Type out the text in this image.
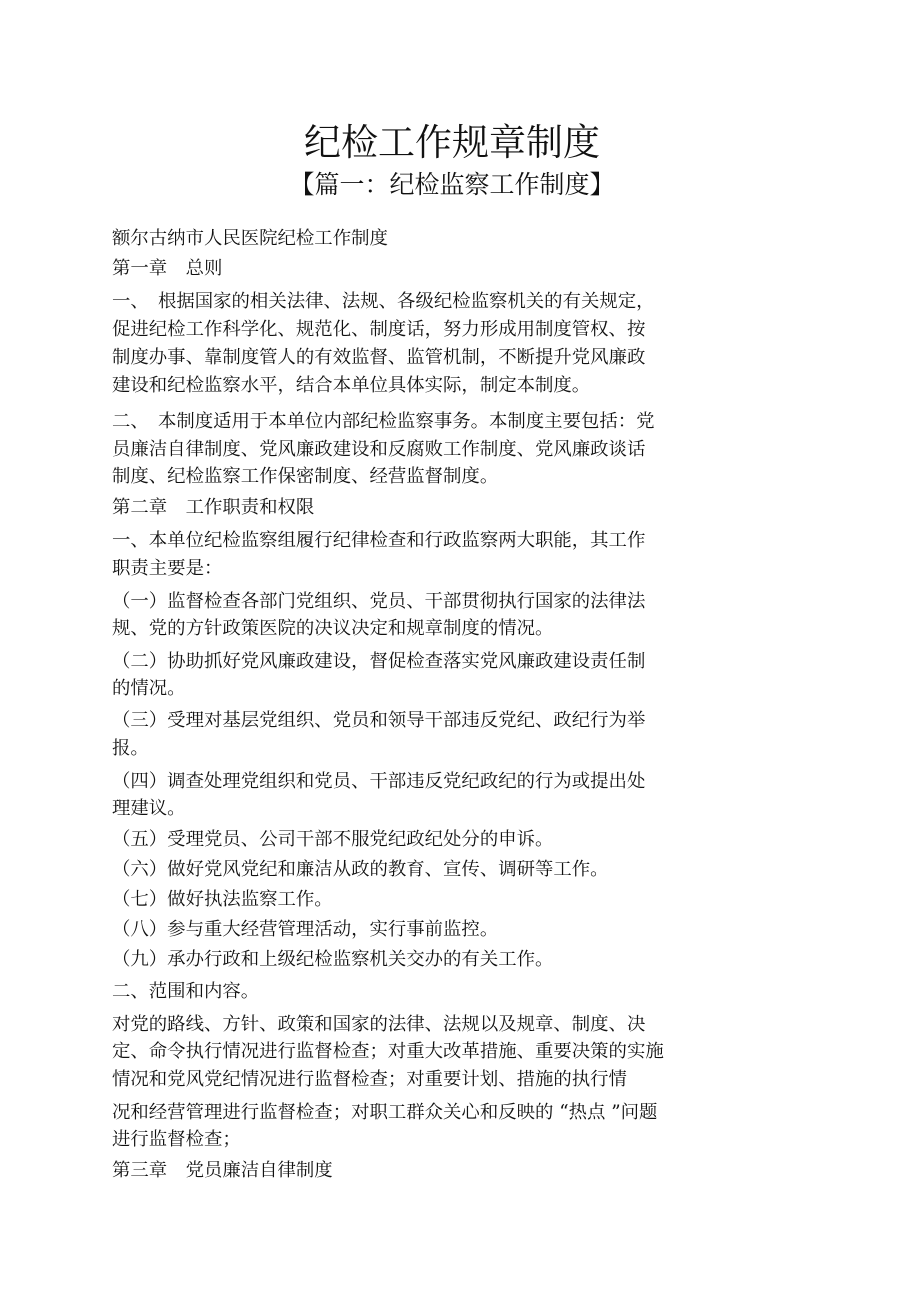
纪检工作规章制度
【篇一：纪检监察工作制度】
额尔古纳市人民医院纪检工作制度
第一章　总则
一、　根据国家的相关法律、法规、各级纪检监察机关的有关规定，
促进纪检工作科学化、规范化、制度话，努力形成用制度管权、按
制度办事、靠制度管人的有效监督、监管机制，不断提升党风廉政
建设和纪检监察水平，结合本单位具体实际，制定本制度。
二、　本制度适用于本单位内部纪检监察事务。本制度主要包括：党
员廉洁自律制度、党风廉政建设和反腐败工作制度、党风廉政谈话
制度、纪检监察工作保密制度、经营监督制度。
第二章　工作职责和权限
一、本单位纪检监察组履行纪律检查和行政监察两大职能，其工作
职责主要是：
（一）监督检查各部门党组织、党员、干部贯彻执行国家的法律法
规、党的方针政策医院的决议决定和规章制度的情况。
（二）协助抓好党风廉政建设，督促检查落实党风廉政建设责任制
的情况。
（三）受理对基层党组织、党员和领导干部违反党纪、政纪行为举
报。
（四）调查处理党组织和党员、干部违反党纪政纪的行为或提出处
理建议。
（五）受理党员、公司干部不服党纪政纪处分的申诉。
（六）做好党风党纪和廉洁从政的教育、宣传、调研等工作。
（七）做好执法监察工作。
（八）参与重大经营管理活动，实行事前监控。
（九）承办行政和上级纪检监察机关交办的有关工作。
二、范围和内容。
对党的路线、方针、政策和国家的法律、法规以及规章、制度、决
定、命令执行情况进行监督检查；对重大改革措施、重要决策的实施
情况和党风党纪情况进行监督检查；对重要计划、措施的执行情
况和经营管理进行监督检查；对职工群众关心和反映的 “热点 ”问题
进行监督检查；
第三章　党员廉洁自律制度
